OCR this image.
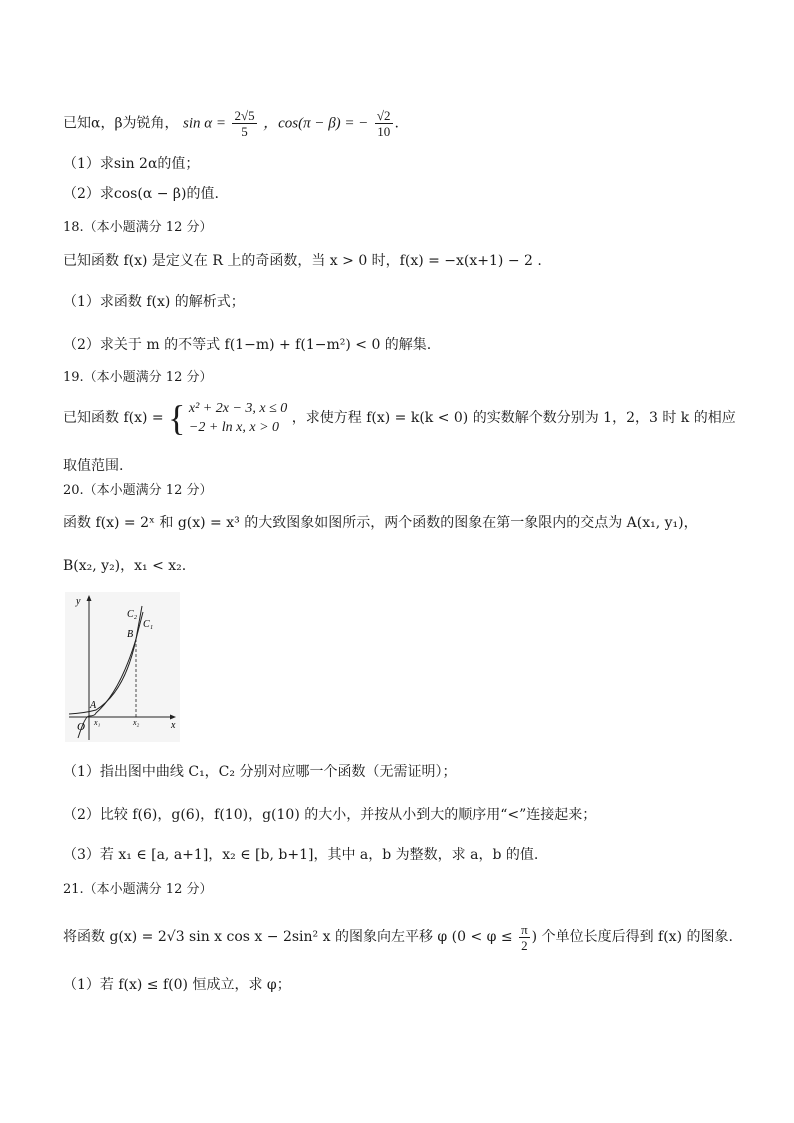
已知α，β为锐角， $\sin \alpha = \frac{2√5}{5}$ ，cos(π − β) = − $\frac{√2}{10}$ .
（1）求sin 2α的值；
（2）求cos(α − β)的值.
18.（本小题满分 12 分）
已知函数 f(x) 是定义在 R 上的奇函数，当 x > 0 时，f(x) = −x(x+1) − 2 .
（1）求函数 f(x) 的解析式；
（2）求关于 m 的不等式 f(1−m) + f(1−m²) < 0 的解集.
19.（本小题满分 12 分）
已知函数 f(x) = { x² + 2x − 3, x ≤ 0
−2 + ln x, x > 0
，求使方程 f(x) = k(k < 0) 的实数解个数分别为 1，2，3 时 k 的相应
取值范围.
20.（本小题满分 12 分）
函数 f(x) = 2ˣ 和 g(x) = x³ 的大致图象如图所示，两个函数的图象在第一象限内的交点为 A(x₁, y₁)，
B(x₂, y₂)，x₁ < x₂.
y
x
O
A
B
C₂
C₁
x₁	x₂
（1）指出图中曲线 C₁，C₂ 分别对应哪一个函数（无需证明）；
（2）比较 f(6)，g(6)，f(10)，g(10) 的大小，并按从小到大的顺序用“<”连接起来；
（3）若 x₁ ∈ [a, a+1]，x₂ ∈ [b, b+1]，其中 a，b 为整数，求 a，b 的值.
21.（本小题满分 12 分）
将函数 g(x) = 2√3 sin x cos x − 2sin² x 的图象向左平移 φ ($0 < \varphi \le \frac{\pi}{2}$ ) 个单位长度后得到 f(x) 的图象.
（1）若 f(x) ≤ f(0) 恒成立，求 φ；
